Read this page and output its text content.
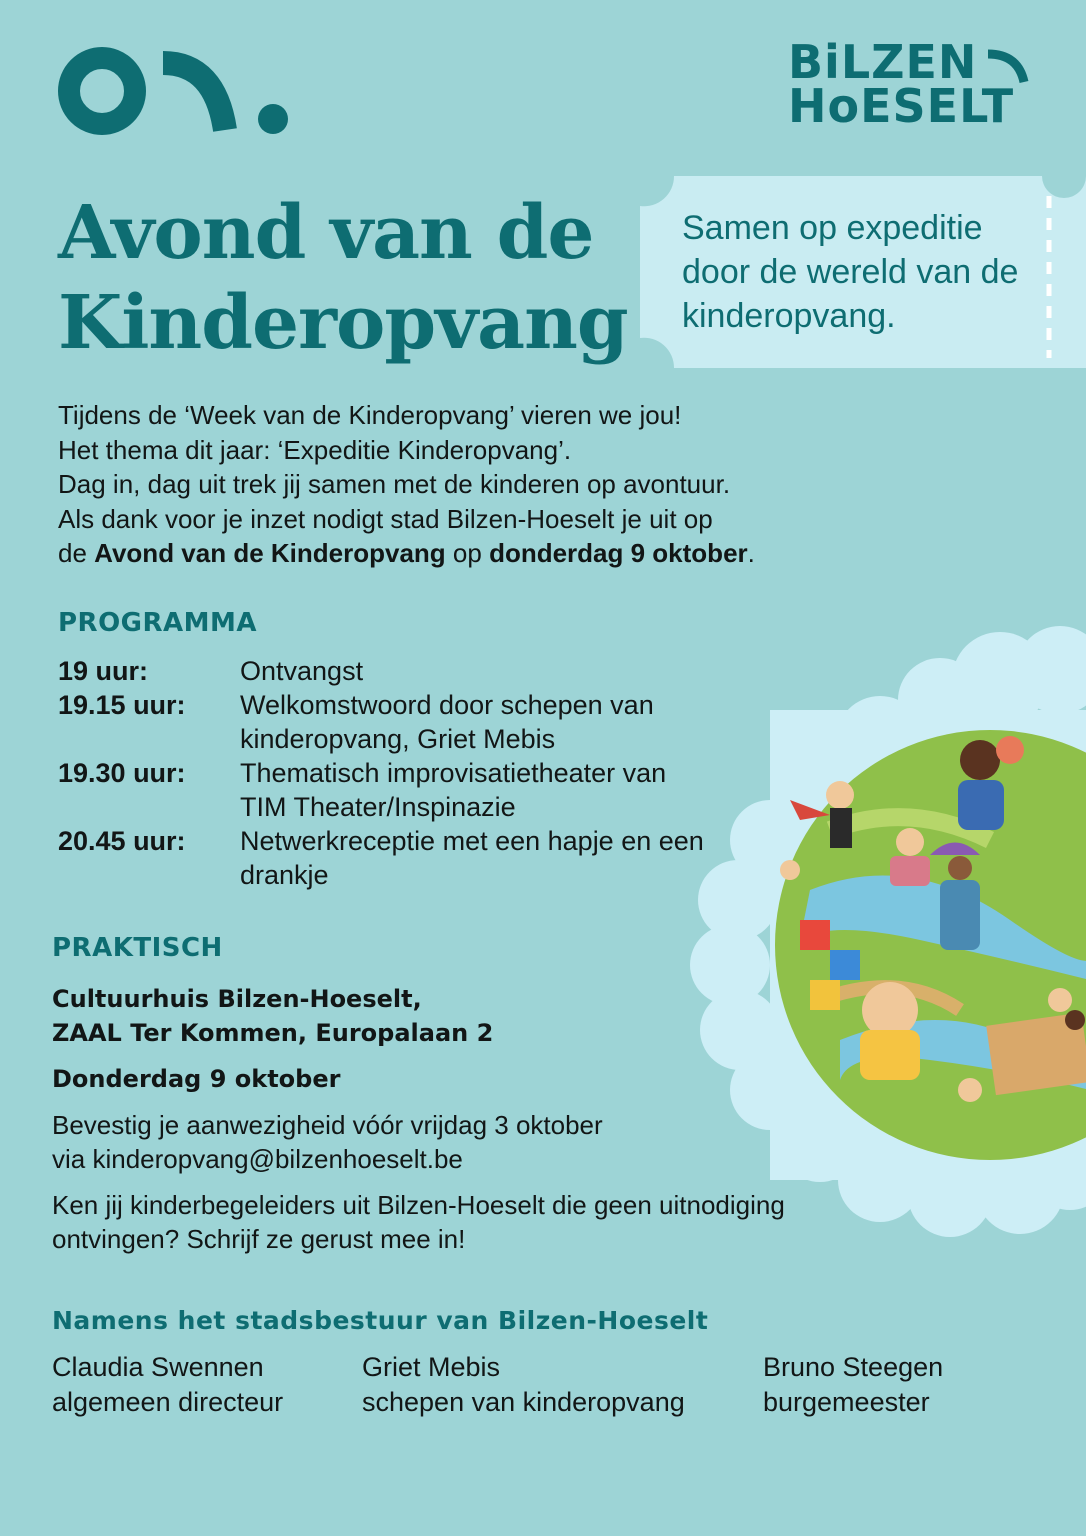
BiLZEN
HoESELT
Avond van de
Kinderopvang
Samen op expeditie door de wereld van de kinderopvang.
Tijdens de ‘Week van de Kinderopvang’ vieren we jou!
Het thema dit jaar: ‘Expeditie Kinderopvang’.
Dag in, dag uit trek jij samen met de kinderen op avontuur.
Als dank voor je inzet nodigt stad Bilzen-Hoeselt je uit op
de Avond van de Kinderopvang op donderdag 9 oktober.
PROGRAMMA
19 uur:	Ontvangst
19.15 uur:	Welkomstwoord door schepen van kinderopvang, Griet Mebis
19.30 uur:	Thematisch improvisatietheater van TIM Theater/Inspinazie
20.45 uur:	Netwerkreceptie met een hapje en een drankje
PRAKTISCH
Cultuurhuis Bilzen-Hoeselt,
ZAAL Ter Kommen, Europalaan 2
Donderdag 9 oktober
Bevestig je aanwezigheid vóór vrijdag 3 oktober via kinderopvang@bilzenhoeselt.be
Ken jij kinderbegeleiders uit Bilzen-Hoeselt die geen uitnodiging ontvingen? Schrijf ze gerust mee in!
Namens het stadsbestuur van Bilzen-Hoeselt
Claudia Swennen
algemeen directeur
Griet Mebis
schepen van kinderopvang
Bruno Steegen
burgemeester
